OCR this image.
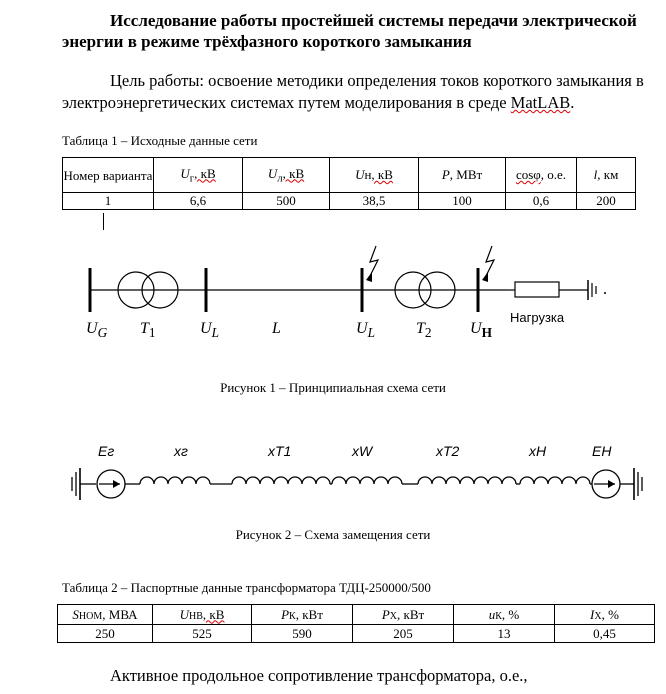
Исследование работы простейшей системы передачи электрической энергии в режиме трёхфазного короткого замыкания

Цель работы: освоение методики определения токов короткого замыкания в электроэнергетических системах путем моделирования в среде MatLAB.

Таблица 1 – Исходные данные сети
Номер варианта	$U_г$, кВ	$U_л$, кВ	Uн, кВ	P, МВт	cosφ, о.е.	l, км
1	6,6	500	38,5	100	0,6	200
$U_G$ $T_1$	$U_L$	L	$U_L$	$T_2$ $U_Н$
Нагрузка
Рисунок 1 – Принципиальная схема сети
Eг	xг	xТ1	xW	xТ2	xН	EН
Рисунок 2 – Схема замещения сети
Таблица 2 – Паспортные данные трансформатора ТДЦ-250000/500
SНОМ, МВА	UНВ, кВ	PК, кВт	PХ, кВт	uК, %	IХ, %
250	525	590	205	13	0,45
Активное продольное сопротивление трансформатора, о.е.,
